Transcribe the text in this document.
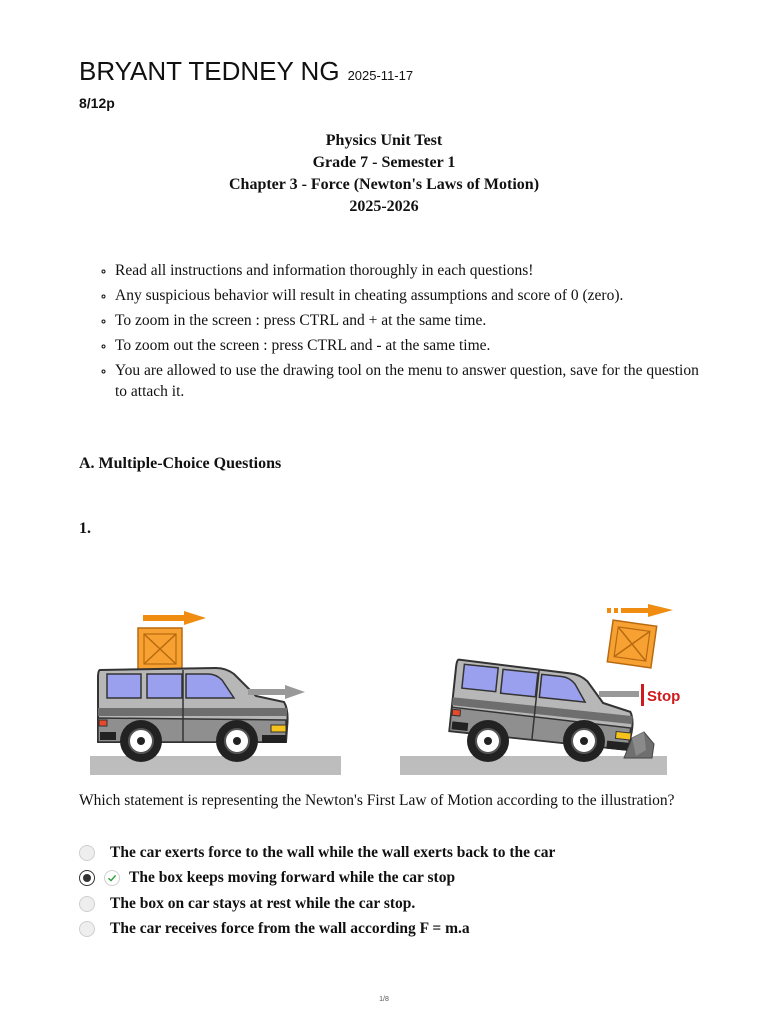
BRYANT TEDNEY NG 2025-11-17
8/12p
Physics Unit Test
Grade 7 - Semester 1
Chapter 3 - Force (Newton's Laws of Motion)
2025-2026
◦ Read all instructions and information thoroughly in each questions!
◦ Any suspicious behavior will result in cheating assumptions and score of 0 (zero).
◦ To zoom in the screen : press CTRL and + at the same time.
◦ To zoom out the screen : press CTRL and - at the same time.
◦ You are allowed to use the drawing tool on the menu to answer question, save for the question to attach it.
A. Multiple-Choice Questions
1.
Stop
Which statement is representing the Newton's First Law of Motion according to the illustration?
The car exerts force to the wall while the wall exerts back to the car
The box keeps moving forward while the car stop
The box on car stays at rest while the car stop.
The car receives force from the wall according F = m.a
1/8
